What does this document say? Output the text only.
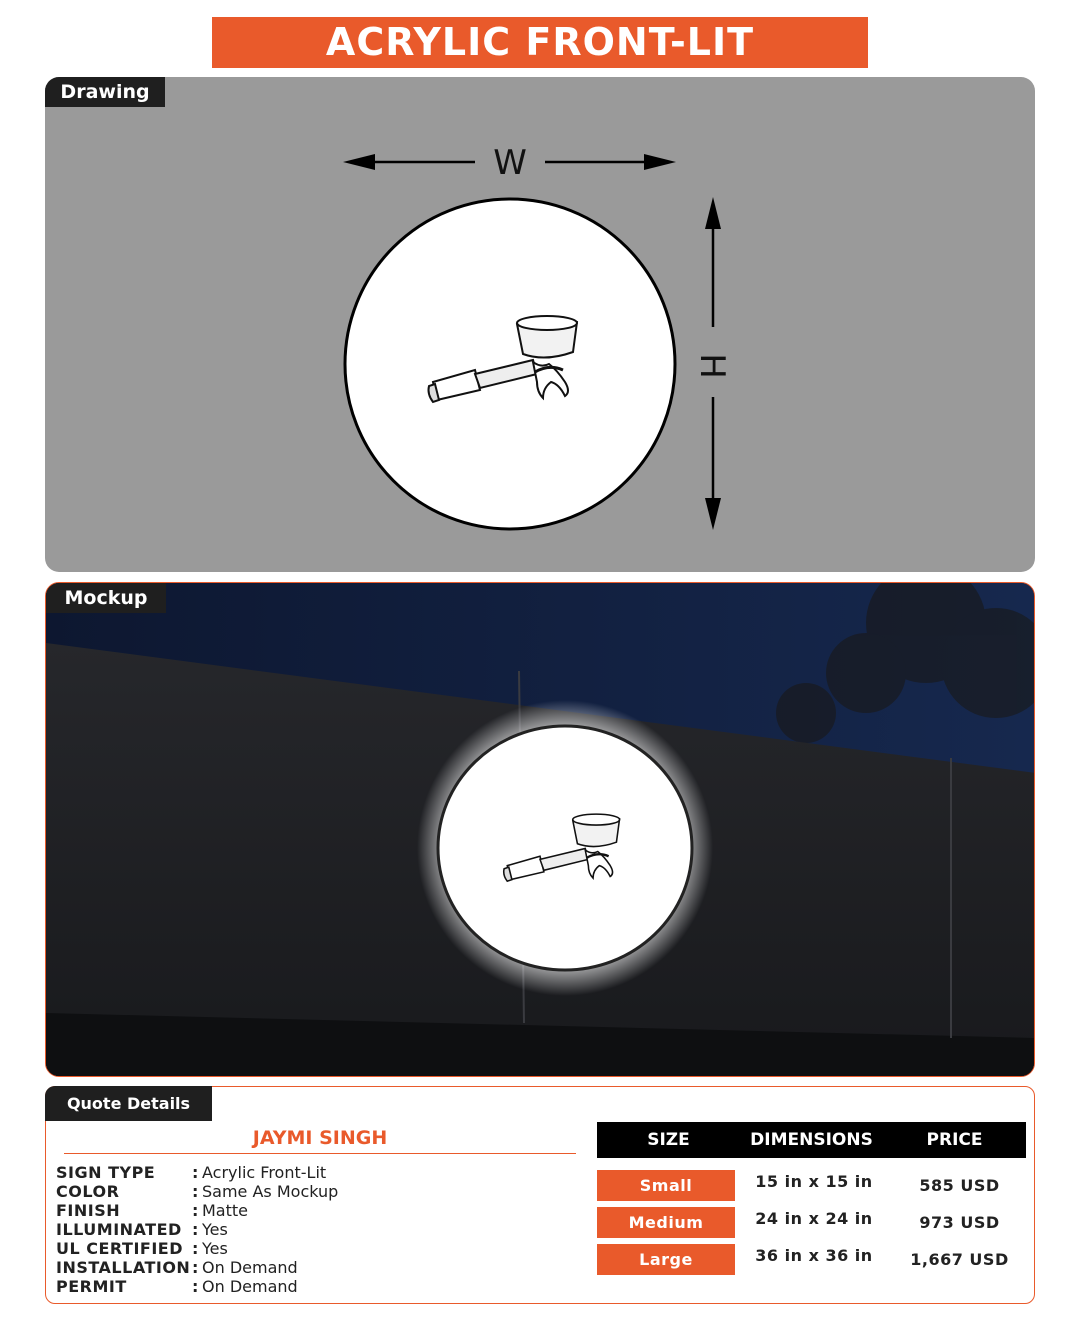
ACRYLIC FRONT-LIT
Drawing
W
H
Mockup
Quote Details
JAYMI SINGH
SIGN TYPE	: Acrylic Front-Lit
COLOR	: Same As Mockup
FINISH	: Matte
ILLUMINATED : Yes
UL CERTIFIED : Yes
INSTALLATION : On Demand
PERMIT	: On Demand
SIZE	DIMENSIONS	PRICE
Small	15 in x 15 in	585 USD
Medium	24 in x 24 in	973 USD
Large	36 in x 36 in	1,667 USD
